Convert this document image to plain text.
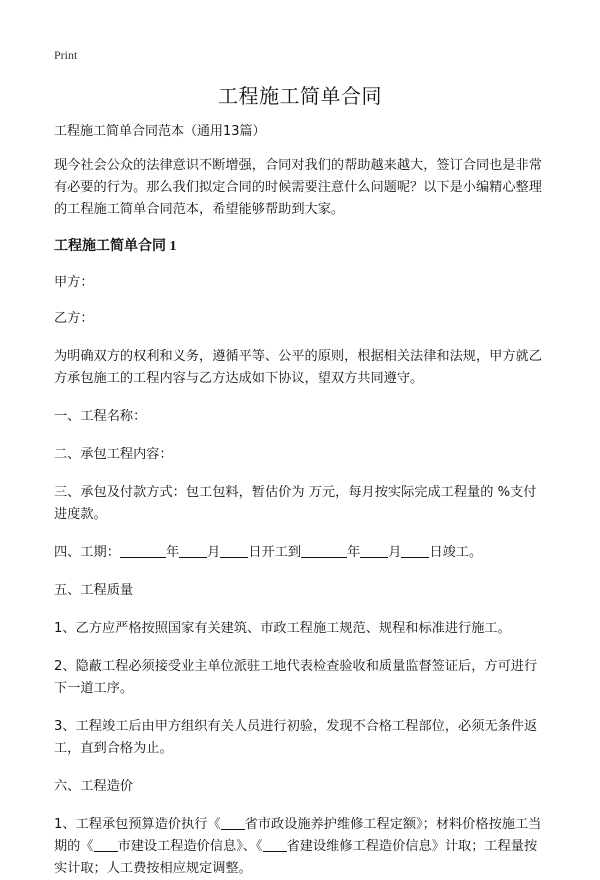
Print
工程施工简单合同

工程施工简单合同范本（通用13篇）

现今社会公众的法律意识不断增强，合同对我们的帮助越来越大，签订合同也是非常有必要的行为。那么我们拟定合同的时候需要注意什么问题呢？以下是小编精心整理的工程施工简单合同范本，希望能够帮助到大家。

工程施工简单合同 1

甲方：

乙方：

为明确双方的权利和义务，遵循平等、公平的原则，根据相关法律和法规，甲方就乙方承包施工的工程内容与乙方达成如下协议，望双方共同遵守。

一、工程名称：

二、承包工程内容：

三、承包及付款方式：包工包料，暂估价为 万元，每月按实际完成工程量的 %支付进度款。

四、工期：	年 月 日开工到	年 月 日竣工。

五、工程质量

1、乙方应严格按照国家有关建筑、市政工程施工规范、规程和标准进行施工。

2、隐蔽工程必须接受业主单位派驻工地代表检查验收和质量监督签证后，方可进行下一道工序。

3、工程竣工后由甲方组织有关人员进行初验，发现不合格工程部位，必须无条件返工，直到合格为止。

六、工程造价

1、工程承包预算造价执行《 省市政设施养护维修工程定额》；材料价格按施工当期的《 市建设工程造价信息》、《 省建设维修工程造价信息》计取；工程量按实计取；人工费按相应规定调整。
